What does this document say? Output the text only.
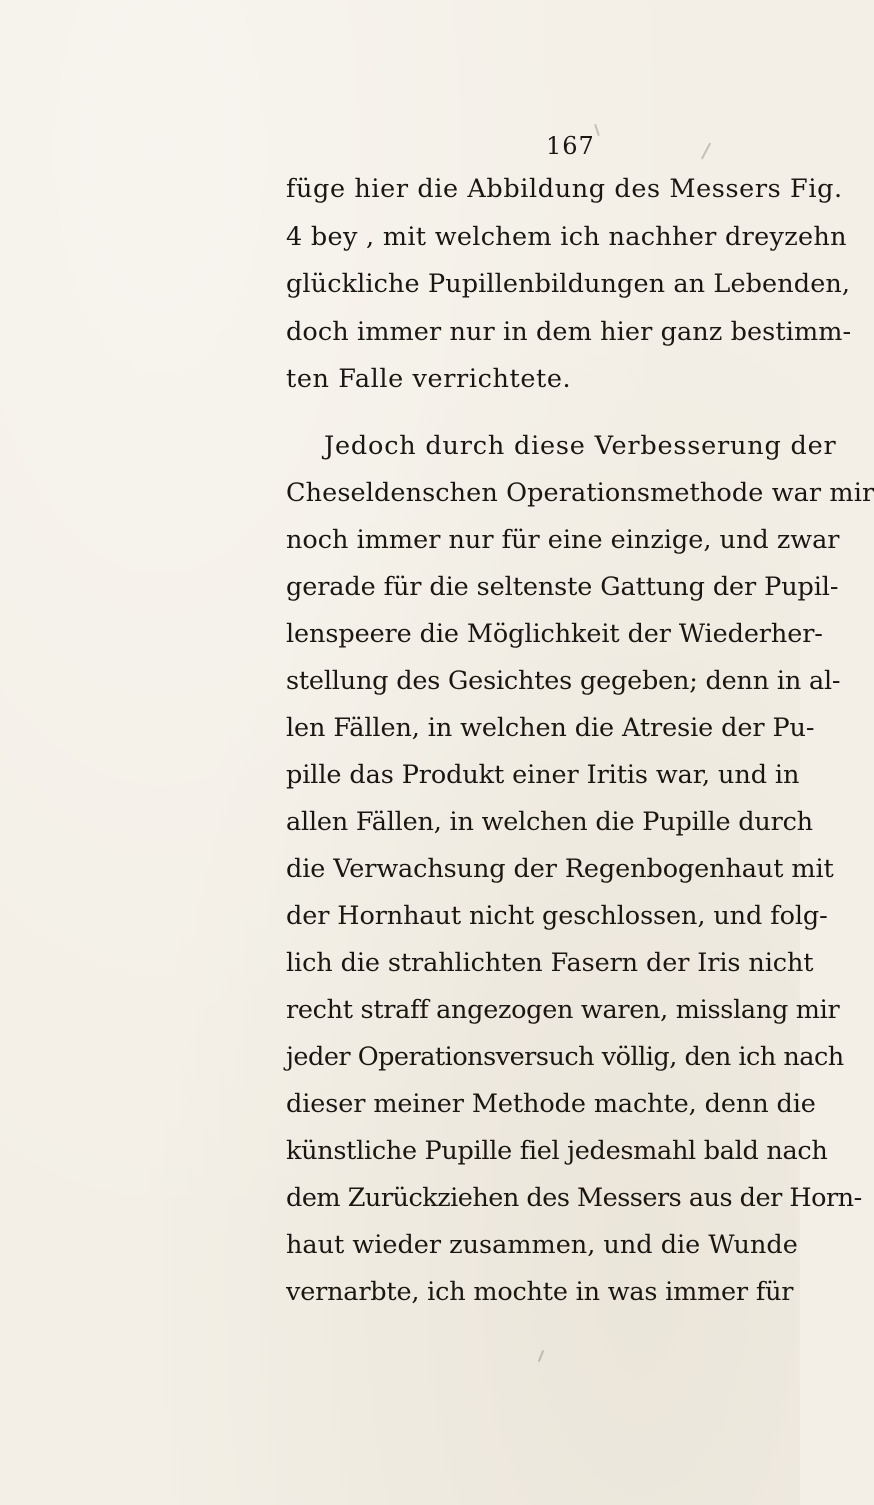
167
füge hier die Abbildung des Messers Fig.
4 bey , mit welchem ich nachher dreyzehn
glückliche Pupillenbildungen an Lebenden,
doch immer nur in dem hier ganz bestimm-
ten Falle verrichtete.
Jedoch durch diese Verbesserung der
Cheseldenschen Operationsmethode war mir
noch immer nur für eine einzige, und zwar
gerade für die seltenste Gattung der Pupil-
lenspeere die Möglichkeit der Wiederher-
stellung des Gesichtes gegeben; denn in al-
len Fällen, in welchen die Atresie der Pu-
pille das Produkt einer Iritis war, und in
allen Fällen, in welchen die Pupille durch
die Verwachsung der Regenbogenhaut mit
der Hornhaut nicht geschlossen, und folg-
lich die strahlichten Fasern der Iris nicht
recht straff angezogen waren, misslang mir
jeder Operationsversuch völlig, den ich nach
dieser meiner Methode machte, denn die
künstliche Pupille fiel jedesmahl bald nach
dem Zurückziehen des Messers aus der Horn-
haut wieder zusammen, und die Wunde
vernarbte, ich mochte in was immer für
